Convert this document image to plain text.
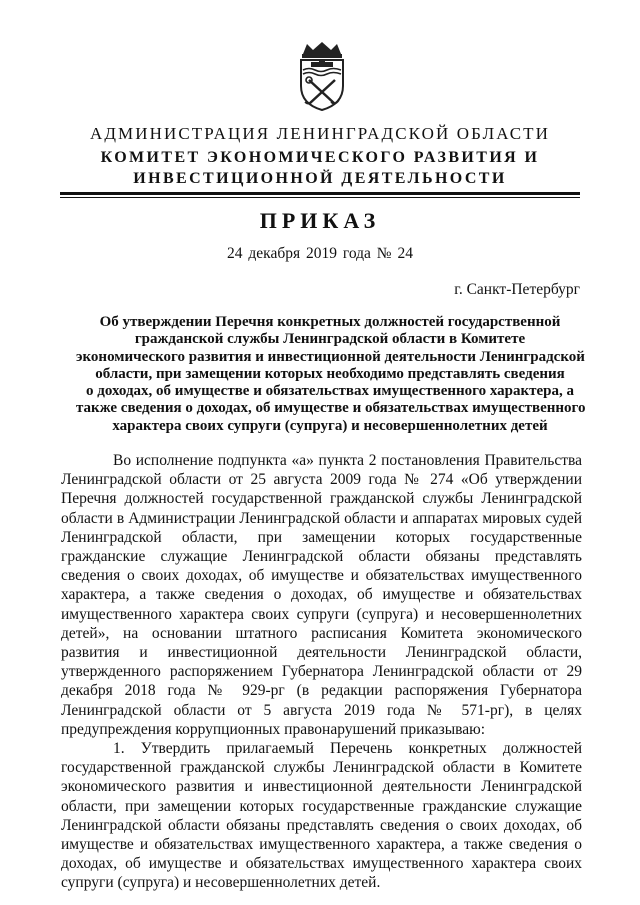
АДМИНИСТРАЦИЯ ЛЕНИНГРАДСКОЙ ОБЛАСТИ
КОМИТЕТ ЭКОНОМИЧЕСКОГО РАЗВИТИЯ И
ИНВЕСТИЦИОННОЙ ДЕЯТЕЛЬНОСТИ
ПРИКАЗ
24 декабря 2019 года № 24
г. Санкт-Петербург
Об утверждении Перечня конкретных должностей государственной
гражданской службы Ленинградской области в Комитете
экономического развития и инвестиционной деятельности Ленинградской
области, при замещении которых необходимо представлять сведения
о доходах, об имуществе и обязательствах имущественного характера, а
также сведения о доходах, об имуществе и обязательствах имущественного
характера своих супруги (супруга) и несовершеннолетних детей

Во исполнение подпункта «а» пункта 2 постановления Правительства Ленинградской области от 25 августа 2009 года № 274 «Об утверждении Перечня должностей государственной гражданской службы Ленинградской области в Администрации Ленинградской области и аппаратах мировых судей Ленинградской области, при замещении которых государственные гражданские служащие Ленинградской области обязаны представлять сведения о своих доходах, об имуществе и обязательствах имущественного характера, а также сведения о доходах, об имуществе и обязательствах имущественного характера своих супруги (супруга) и несовершеннолетних детей», на основании штатного расписания Комитета экономического развития и инвестиционной деятельности Ленинградской области, утвержденного распоряжением Губернатора Ленинградской области от 29 декабря 2018 года № 929-рг (в редакции распоряжения Губернатора Ленинградской области от 5 августа 2019 года № 571-рг), в целях предупреждения коррупционных правонарушений приказываю:

1. Утвердить прилагаемый Перечень конкретных должностей государственной гражданской службы Ленинградской области в Комитете экономического развития и инвестиционной деятельности Ленинградской области, при замещении которых государственные гражданские служащие Ленинградской области обязаны представлять сведения о своих доходах, об имуществе и обязательствах имущественного характера, а также сведения о доходах, об имуществе и обязательствах имущественного характера своих супруги (супруга) и несовершеннолетних детей.
